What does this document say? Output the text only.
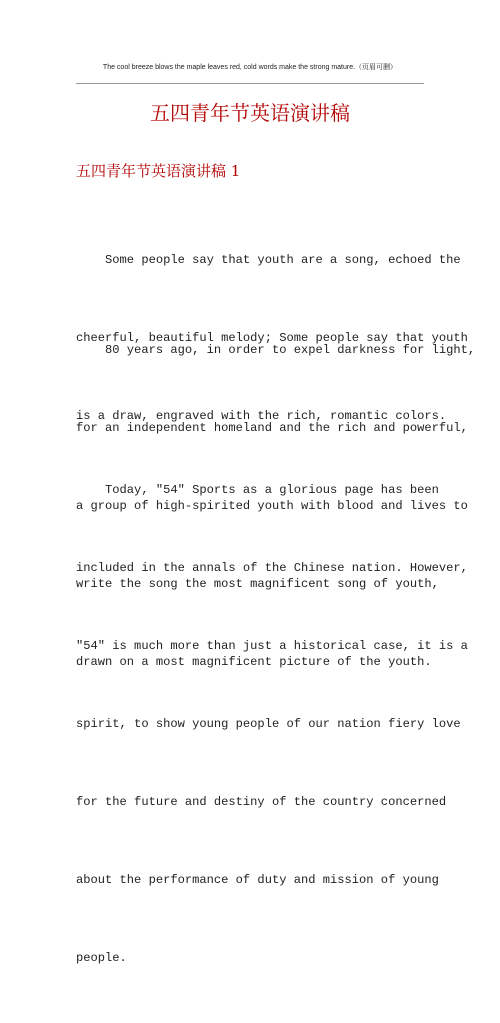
The cool breeze blows the maple leaves red, cold words make the strong mature.（页眉可删）
五四青年节英语演讲稿
五四青年节英语演讲稿 1

Some people say that youth are a song, echoed the

cheerful, beautiful melody; Some people say that youth

is a draw, engraved with the rich, romantic colors.

80 years ago, in order to expel darkness for light,

for an independent homeland and the rich and powerful,

a group of high-spirited youth with blood and lives to

write the song the most magnificent song of youth,

drawn on a most magnificent picture of the youth.

Today, "54" Sports as a glorious page has been

included in the annals of the Chinese nation. However,

"54" is much more than just a historical case, it is a

spirit, to show young people of our nation fiery love

for the future and destiny of the country concerned

about the performance of duty and mission of young

people.
